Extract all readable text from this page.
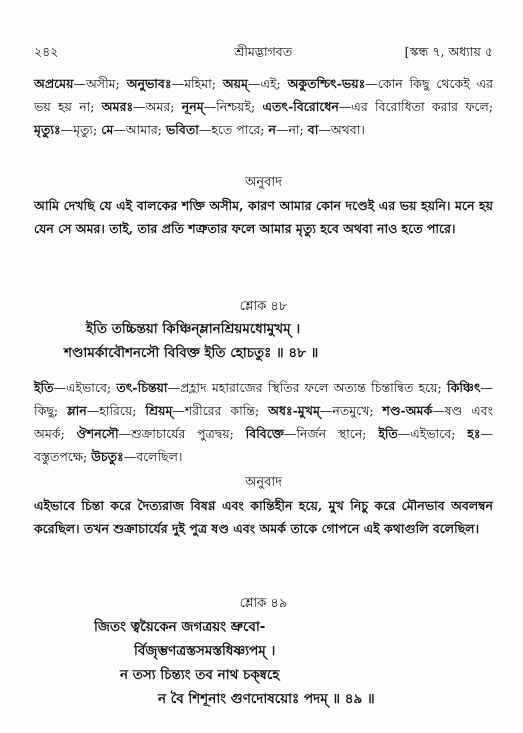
২৪২	শ্রীমদ্ভাগবত	[স্কন্ধ ৭, অধ্যায় ৫
অপ্রমেয়—অসীম; অনুভাবঃ—মহিমা; অয়ম্—এই; অকুতশ্চিৎ-ভয়ঃ—কোন কিছু থেকেই এর ভয় হয় না; অমরঃ—অমর; নূনম্—নিশ্চয়ই; এতৎ-বিরোধেন—এর বিরোধিতা করার ফলে; মৃত্যুঃ—মৃত্যু; মে—আমার; ভবিতা—হতে পারে; ন—না; বা—অথবা।
অনুবাদ
আমি দেখছি যে এই বালকের শক্তি অসীম, কারণ আমার কোন দণ্ডেই এর ভয় হয়নি। মনে হয় যেন সে অমর। তাই, তার প্রতি শত্রুতার ফলে আমার মৃত্যু হবে অথবা নাও হতে পারে।
শ্লোক ৪৮
ইতি তচ্চিন্তয়া কিঞ্চিন্ম্লানশ্রিয়মধোমুখম্ ।
শণ্ডামর্কাবৌশনসৌ বিবিক্ত ইতি হোচতুঃ ॥ ৪৮ ॥
ইতি—এইভাবে; তৎ-চিন্তয়া—প্রহ্লাদ মহারাজের স্থিতির ফলে অত্যন্ত চিন্তান্বিত হয়ে; কিঞ্চিৎ—কিছু; ম্লান—হারিয়ে; শ্রিয়ম্—শরীরের কান্তি; অধঃ-মুখম্—নতমুখে; শণ্ড-অমর্ক—ষণ্ড এবং অমর্ক; ঔশনসৌ—শুক্রাচার্যের পুত্রদ্বয়; বিবিক্তে—নির্জন স্থানে; ইতি—এইভাবে; হঃ—বস্তুতপক্ষে; উচতুঃ—বলেছিল।
অনুবাদ
এইভাবে চিন্তা করে দৈত্যরাজ বিষণ্ণ এবং কান্তিহীন হয়ে, মুখ নিচু করে মৌনভাব অবলম্বন করেছিল। তখন শুক্রাচার্যের দুই পুত্র ষণ্ড এবং অমর্ক তাকে গোপনে এই কথাগুলি বলেছিল।
শ্লোক ৪৯
জিতং ত্বয়ৈকেন জগত্রয়ং ভ্রুবো-
র্বিজৃম্ভণত্রস্তসমস্তধিষ্ণ্যপম্ ।
ন তস্য চিন্ত্যং তব নাথ চক্ষ্বহে
ন বৈ শিশূনাং গুণদোষয়োঃ পদম্ ॥ ৪৯ ॥
